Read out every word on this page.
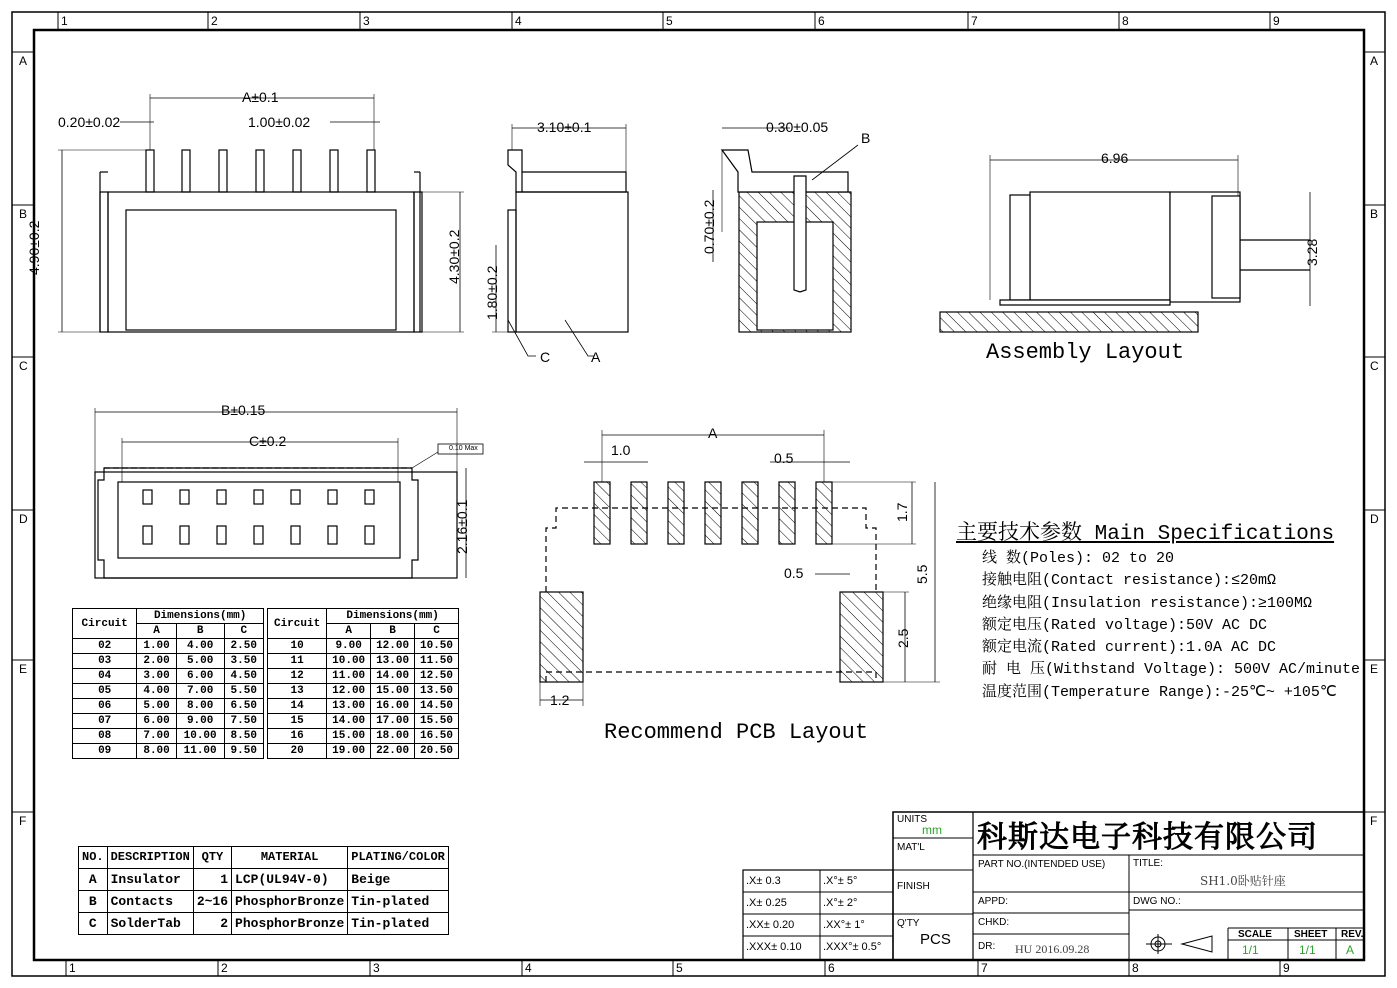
1	2	3	4	5	6	7	8	9
1	2	3	4	5	6	7	8	9
A
B
C
D
E
F
A
B
C
D
E
F
A±0.1
0.20±0.02	1.00±0.02
4.90±0.2	4.30±0.2
3.10±0.1
1.80±0.2
C	A
0.30±0.05
B
0.70±0.2
6.96
3.28
Assembly Layout
B±0.15
C±0.2
2.16±0.1
0.10 Max
A
1.0	0.5
1.7
5.5
0.5
2.5
1.2
Recommend PCB Layout
主要技术参数 Main Specifications
线 数(Poles): 02 to 20
接触电阻(Contact resistance):≤20mΩ
绝缘电阻(Insulation resistance):≥100MΩ
额定电压(Rated voltage):50V AC DC
额定电流(Rated current):1.0A AC DC
耐 电 压(Withstand Voltage): 500V AC/minute
温度范围(Temperature Range):-25℃~ +105℃
Circuit	Dimensions(mm)		
	A	B	C
02	1.00	4.00	2.50
03	2.00	5.00	3.50
04	3.00	6.00	4.50
05	4.00	7.00	5.50
06	5.00	8.00	6.50
07	6.00	9.00	7.50
08	7.00	10.00	8.50
09	8.00	11.00	9.50
Circuit	Dimensions(mm)		
	A	B	C
10	9.00	12.00	10.50
11	10.00	13.00	11.50
12	11.00	14.00	12.50
13	12.00	15.00	13.50
14	13.00	16.00	14.50
15	14.00	17.00	15.50
16	15.00	18.00	16.50
20	19.00	22.00	20.50
NO.	DESCRIPTION	QTY	MATERIAL	PLATING/COLOR
A	Insulator	1	LCP(UL94V-0)	Beige
B	Contacts	2~16	PhosphorBronze	Tin-plated
C	SolderTab	2	PhosphorBronze	Tin-plated
.X± 0.3	.X°± 5°
.X± 0.25	.X°± 2°
.XX± 0.20	.XX°± 1°
.XXX± 0.10 .XXX°± 0.5°
UNITS
mm
MAT'L
FINISH
Q'TY
PCS
科斯达电子科技有限公司
PART NO.(INTENDED USE)	TITLE:
SH1.0卧贴针座
APPD:	DWG NO.:
CHKD:
DR: HU 2016.09.28
SCALE
1/1
SHEET
1/1
REV.
A
